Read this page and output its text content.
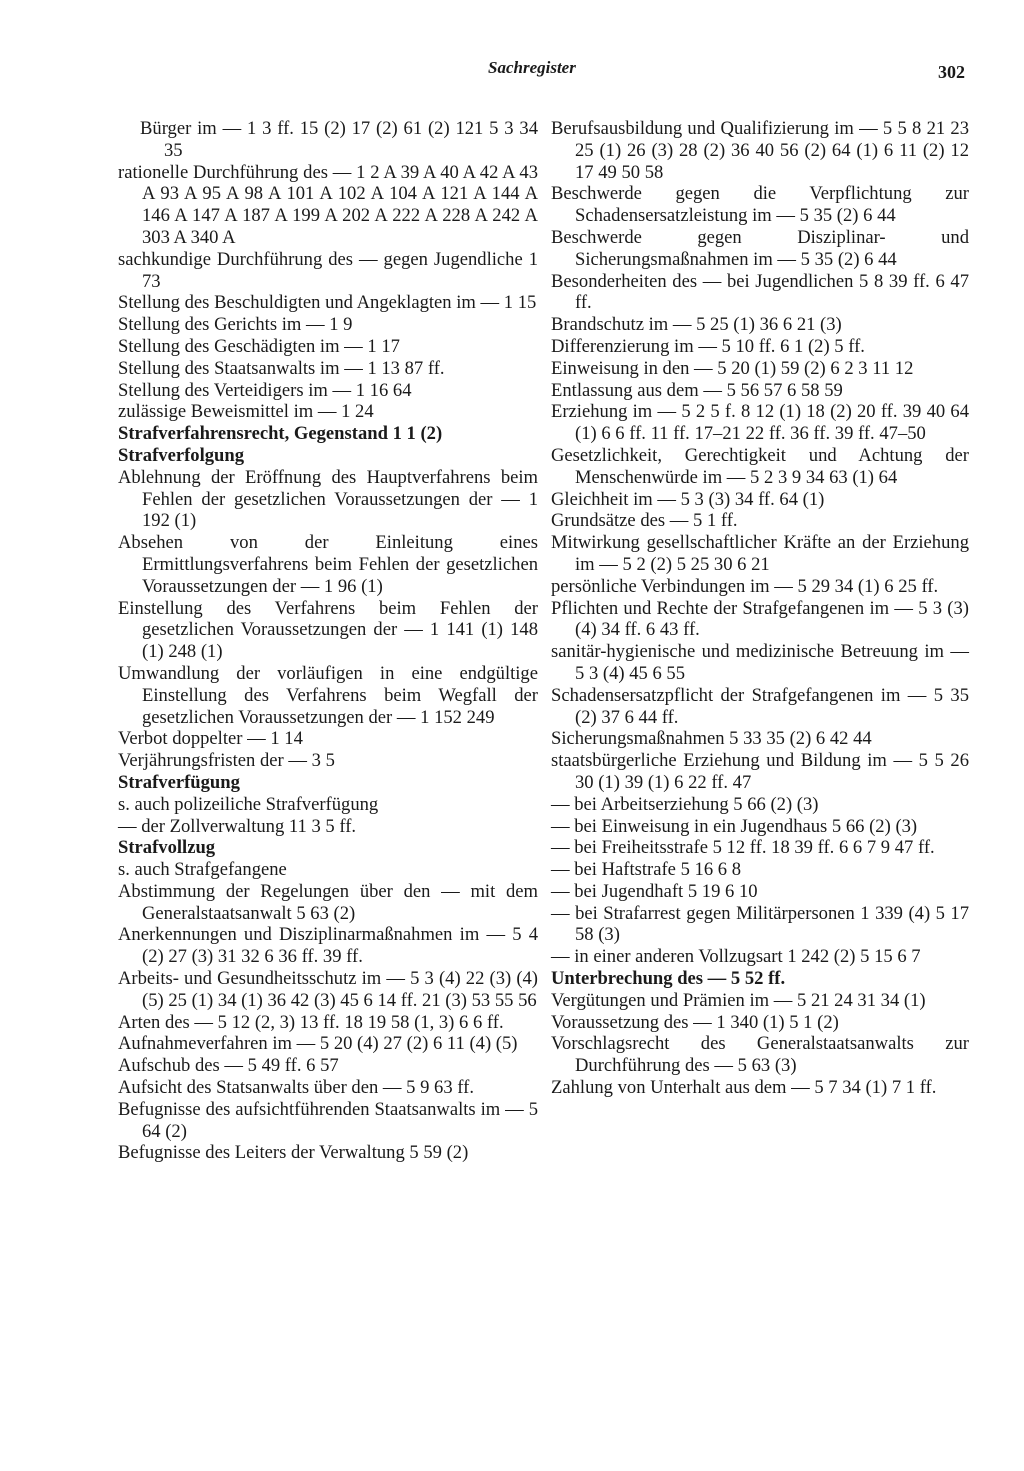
Sachregister	302

Bürger im — 1 3 ff. 15 (2) 17 (2) 61 (2) 121 5 3 34 35

rationelle Durchführung des — 1 2 A 39 A 40 A 42 A 43 A 93 A 95 A 98 A 101 A 102 A 104 A 121 A 144 A 146 A 147 A 187 A 199 A 202 A 222 A 228 A 242 A 303 A 340 A

sachkundige Durchführung des — gegen Jugendliche 1 73

Stellung des Beschuldigten und Angeklagten im — 1 15

Stellung des Gerichts im — 1 9

Stellung des Geschädigten im — 1 17

Stellung des Staatsanwalts im — 1 13 87 ff.

Stellung des Verteidigers im — 1 16 64

zulässige Beweismittel im — 1 24

Strafverfahrensrecht, Gegenstand 1 1 (2)

Strafverfolgung

Ablehnung der Eröffnung des Hauptverfahrens beim Fehlen der gesetzlichen Voraussetzungen der — 1 192 (1)

Absehen von der Einleitung eines Ermittlungsverfahrens beim Fehlen der gesetzlichen Voraussetzungen der — 1 96 (1)

Einstellung des Verfahrens beim Fehlen der gesetzlichen Voraussetzungen der — 1 141 (1) 148 (1) 248 (1)

Umwandlung der vorläufigen in eine endgültige Einstellung des Verfahrens beim Wegfall der gesetzlichen Voraussetzungen der — 1 152 249

Verbot doppelter — 1 14

Verjährungsfristen der — 3 5

Strafverfügung

s. auch polizeiliche Strafverfügung

— der Zollverwaltung 11 3 5 ff.

Strafvollzug

s. auch Strafgefangene

Abstimmung der Regelungen über den — mit dem Generalstaatsanwalt 5 63 (2)

Anerkennungen und Disziplinarmaßnahmen im — 5 4 (2) 27 (3) 31 32 6 36 ff. 39 ff.

Arbeits- und Gesundheitsschutz im — 5 3 (4) 22 (3) (4) (5) 25 (1) 34 (1) 36 42 (3) 45 6 14 ff. 21 (3) 53 55 56

Arten des — 5 12 (2, 3) 13 ff. 18 19 58 (1, 3) 6 6 ff.

Aufnahmeverfahren im — 5 20 (4) 27 (2) 6 11 (4) (5)

Aufschub des — 5 49 ff. 6 57

Aufsicht des Statsanwalts über den — 5 9 63 ff.

Befugnisse des aufsichtführenden Staatsanwalts im — 5 64 (2)

Befugnisse des Leiters der Verwaltung 5 59 (2)

Berufsausbildung und Qualifizierung im — 5 5 8 21 23 25 (1) 26 (3) 28 (2) 36 40 56 (2) 64 (1) 6 11 (2) 12 17 49 50 58

Beschwerde gegen die Verpflichtung zur Schadensersatzleistung im — 5 35 (2) 6 44

Beschwerde gegen Disziplinar- und Sicherungsmaßnahmen im — 5 35 (2) 6 44

Besonderheiten des — bei Jugendlichen 5 8 39 ff. 6 47 ff.

Brandschutz im — 5 25 (1) 36 6 21 (3)

Differenzierung im — 5 10 ff. 6 1 (2) 5 ff.

Einweisung in den — 5 20 (1) 59 (2) 6 2 3 11 12

Entlassung aus dem — 5 56 57 6 58 59

Erziehung im — 5 2 5 f. 8 12 (1) 18 (2) 20 ff. 39 40 64 (1) 6 6 ff. 11 ff. 17–21 22 ff. 36 ff. 39 ff. 47–50

Gesetzlichkeit, Gerechtigkeit und Achtung der Menschenwürde im — 5 2 3 9 34 63 (1) 64

Gleichheit im — 5 3 (3) 34 ff. 64 (1)

Grundsätze des — 5 1 ff.

Mitwirkung gesellschaftlicher Kräfte an der Erziehung im — 5 2 (2) 5 25 30 6 21

persönliche Verbindungen im — 5 29 34 (1) 6 25 ff.

Pflichten und Rechte der Strafgefangenen im — 5 3 (3) (4) 34 ff. 6 43 ff.

sanitär-hygienische und medizinische Betreuung im — 5 3 (4) 45 6 55

Schadensersatzpflicht der Strafgefangenen im — 5 35 (2) 37 6 44 ff.

Sicherungsmaßnahmen 5 33 35 (2) 6 42 44

staatsbürgerliche Erziehung und Bildung im — 5 5 26 30 (1) 39 (1) 6 22 ff. 47

— bei Arbeitserziehung 5 66 (2) (3)

— bei Einweisung in ein Jugendhaus 5 66 (2) (3)

— bei Freiheitsstrafe 5 12 ff. 18 39 ff. 6 6 7 9 47 ff.

— bei Haftstrafe 5 16 6 8

— bei Jugendhaft 5 19 6 10

— bei Strafarrest gegen Militärpersonen 1 339 (4) 5 17 58 (3)

— in einer anderen Vollzugsart 1 242 (2) 5 15 6 7

Unterbrechung des — 5 52 ff.

Vergütungen und Prämien im — 5 21 24 31 34 (1)

Voraussetzung des — 1 340 (1) 5 1 (2)

Vorschlagsrecht des Generalstaatsanwalts zur Durchführung des — 5 63 (3)

Zahlung von Unterhalt aus dem — 5 7 34 (1) 7 1 ff.
